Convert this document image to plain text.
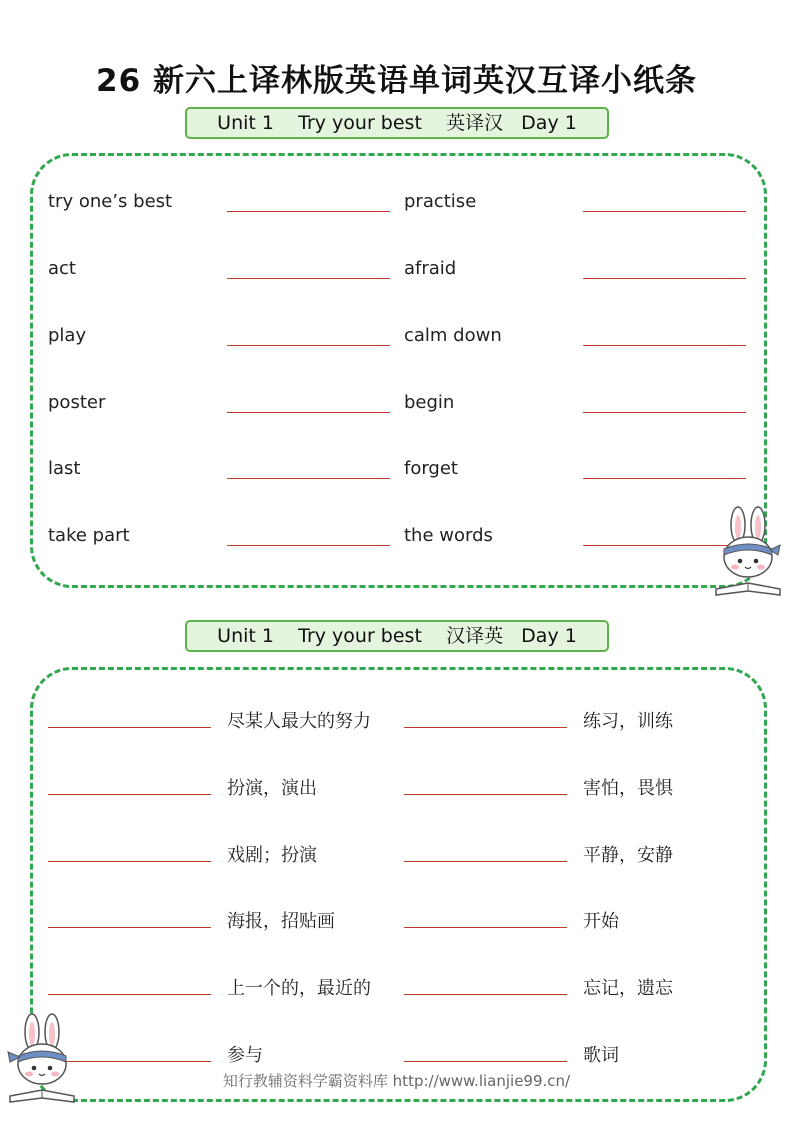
26 新六上译林版英语单词英汉互译小纸条
Unit 1    Try your best    英译汉   Day 1
try one’s best	practise
act	afraid
play	calm down
poster	begin
last	forget
take part	the words
Unit 1    Try your best    汉译英   Day 1
尽某人最大的努力	练习，训练
扮演，演出	害怕，畏惧
戏剧；扮演	平静，安静
海报，招贴画	开始
上一个的，最近的	忘记，遗忘
参与	歌词
知行教辅资料学霸资料库 http://www.lianjie99.cn/
